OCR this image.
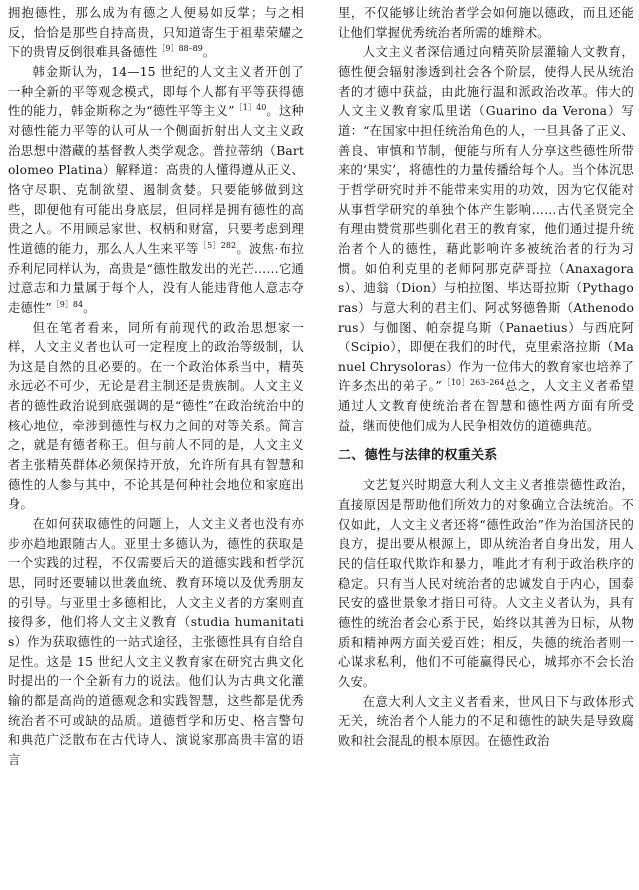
拥抱德性，那么成为有德之人便易如反掌；与之相反，恰恰是那些自持高贵，只知道寄生于祖辈荣耀之下的贵胄反倒很难具备德性$^{[9]88-89}$。

韩金斯认为，14—15 世纪的人文主义者开创了一种全新的平等观念模式，即每个人都有平等获得德性的能力，韩金斯称之为“德性平等主义”$^{[1]40}$。这种对德性能力平等的认可从一个侧面折射出人文主义政治思想中潜藏的基督教人类学观念。普拉蒂纳（Bartolomeo Platina）解释道：高贵的人懂得遵从正义、恪守尽职、克制欲望、遏制贪婪。只要能够做到这些，即便他有可能出身底层，但同样是拥有德性的高贵之人。不用顾忌家世、权柄和财富，只要考虑到理性道德的能力，那么人人生来平等$^{[5]282}$。波焦·布拉乔利尼同样认为，高贵是“德性散发出的光芒……它通过意志和力量属于每个人，没有人能违背他人意志夺走德性”$^{[9]84}$。

但在笔者看来，同所有前现代的政治思想家一样，人文主义者也认可一定程度上的政治等级制，认为这是自然的且必要的。在一个政治体系当中，精英永远必不可少，无论是君主制还是贵族制。人文主义者的德性政治说到底强调的是“德性”在政治统治中的核心地位，牵涉到德性与权力之间的对等关系。简言之，就是有德者称王。但与前人不同的是，人文主义者主张精英群体必须保持开放，允许所有具有智慧和德性的人参与其中，不论其是何种社会地位和家庭出身。

在如何获取德性的问题上，人文主义者也没有亦步亦趋地跟随古人。亚里士多德认为，德性的获取是一个实践的过程，不仅需要后天的道德实践和哲学沉思，同时还要辅以世袭血统、教育环境以及优秀朋友的引导。与亚里士多德相比，人文主义者的方案则直接得多，他们将人文主义教育（studia humanitatis）作为获取德性的一站式途径，主张德性具有自给自足性。这是 15 世纪人文主义教育家在研究古典文化时提出的一个全新有力的说法。他们认为古典文化灌输的都是高尚的道德观念和实践智慧，这些都是优秀统治者不可或缺的品质。道德哲学和历史、格言警句和典范广泛散布在古代诗人、演说家那高贵丰富的语言

里，不仅能够让统治者学会如何施以德政，而且还能让他们掌握优秀统治者所需的雄辩术。

人文主义者深信通过向精英阶层灌输人文教育，德性便会辐射渗透到社会各个阶层，使得人民从统治者的才德中获益，由此施行温和派政治改革。伟大的人文主义教育家瓜里诺（Guarino da Verona）写道：“在国家中担任统治角色的人，一旦具备了正义、善良、审慎和节制，便能与所有人分享这些德性所带来的‘果实’，将德性的力量传播给每个人。当个体沉思于哲学研究时并不能带来实用的功效，因为它仅能对从事哲学研究的单独个体产生影响……古代圣贤完全有理由赞赏那些驯化君王的教育家，他们通过提升统治者个人的德性，藉此影响许多被统治者的行为习惯。如伯利克里的老师阿那克萨哥拉（Anaxagoras）、迪翁（Dion）与柏拉图、毕达哥拉斯（Pythagoras）与意大利的君主们、阿忒努德鲁斯（Athenodorus）与伽图、帕奈提乌斯（Panaetius）与西庇阿（Scipio），即便在我们的时代，克里索洛拉斯（Manuel Chrysoloras）作为一位伟大的教育家也培养了许多杰出的弟子。”$^{[10]263-264}$总之，人文主义者希望通过人文教育使统治者在智慧和德性两方面有所受益，继而使他们成为人民争相效仿的道德典范。

二、德性与法律的权重关系

文艺复兴时期意大利人文主义者推崇德性政治，直接原因是帮助他们所效力的对象确立合法统治。不仅如此，人文主义者还将“德性政治”作为治国济民的良方，提出要从根源上，即从统治者自身出发，用人民的信任取代欺诈和暴力，唯此才有利于政治秩序的稳定。只有当人民对统治者的忠诚发自于内心，国泰民安的盛世景象才指日可待。人文主义者认为，具有德性的统治者会心系于民，始终以其善为日标，从物质和精神两方面关爱百姓；相反，失德的统治者则一心谋求私利，他们不可能赢得民心，城邦亦不会长治久安。

在意大利人文主义者看来，世风日下与政体形式无关，统治者个人能力的不足和德性的缺失是导致腐败和社会混乱的根本原因。在德性政治
